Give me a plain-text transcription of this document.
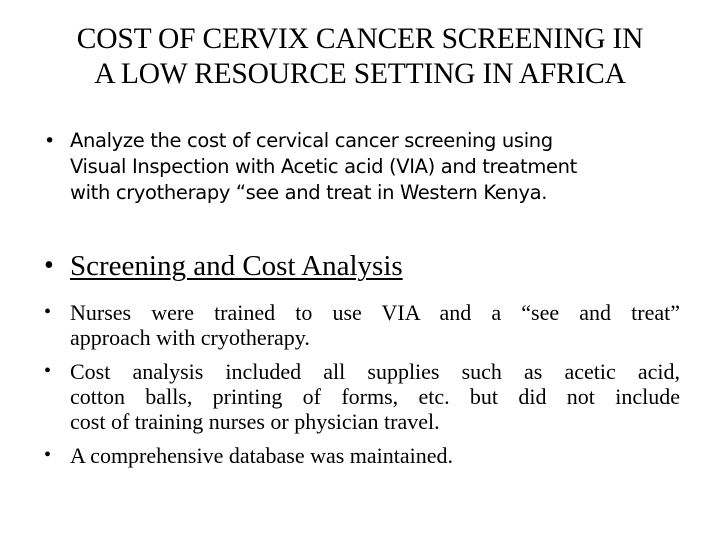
COST OF CERVIX CANCER SCREENING IN
A LOW RESOURCE SETTING IN AFRICA
• Analyze the cost of cervical cancer screening using
Visual Inspection with Acetic acid (VIA) and treatment
with cryotherapy “see and treat in Western Kenya.
• Screening and Cost Analysis
• Nurses were trained to use VIA and a “see and treat”
approach with cryotherapy.
• Cost analysis included all supplies such as acetic acid,
cotton balls, printing of forms, etc. but did not include
cost of training nurses or physician travel.
• A comprehensive database was maintained.
